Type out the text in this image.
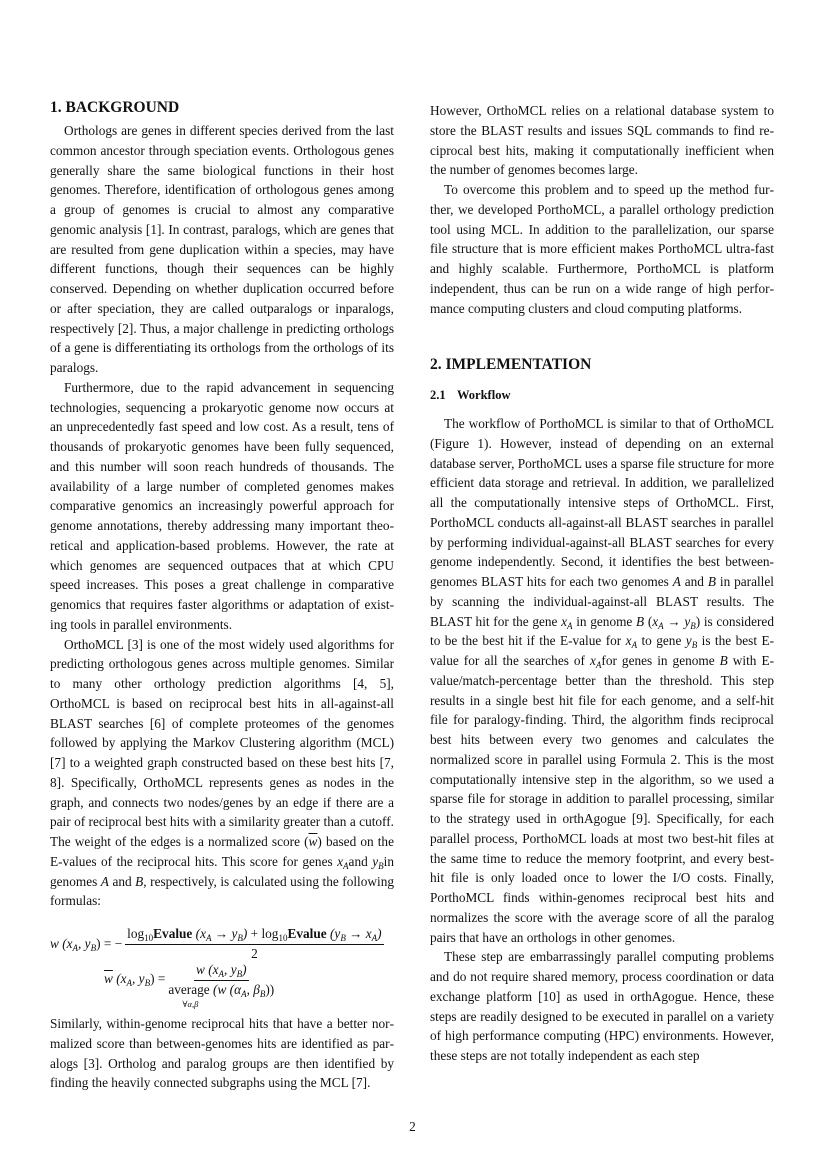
1. BACKGROUND

Orthologs are genes in different species derived from the last common ancestor through speciation events. Orthologous genes generally share the same biological functions in their host genomes. Therefore, identification of orthologous genes among a group of genomes is crucial to almost any comparative genomic analysis [1]. In contrast, paralogs, which are genes that are resulted from gene duplication within a species, may have different functions, though their sequences can be highly conserved. Depending on whether duplication occurred before or after speciation, they are called outparalogs or inparalogs, respectively [2]. Thus, a major challenge in predicting orthologs of a gene is differentiating its orthologs from the orthologs of its paralogs.

Furthermore, due to the rapid advancement in sequencing technologies, sequencing a prokaryotic genome now occurs at an unprecedentedly fast speed and low cost. As a result, tens of thousands of prokaryotic genomes have been fully sequenced, and this number will soon reach hundreds of thousands. The availability of a large number of completed genomes makes comparative genomics an increasingly powerful approach for genome annotations, thereby addressing many important theoretical and application-based problems. However, the rate at which genomes are sequenced outpaces that at which CPU speed increases. This poses a great challenge in comparative genomics that requires faster algorithms or adaptation of existing tools in parallel environments.

OrthoMCL [3] is one of the most widely used algorithms for predicting orthologous genes across multiple genomes. Similar to many other orthology prediction algorithms [4, 5], OrthoMCL is based on reciprocal best hits in all-against-all BLAST searches [6] of complete proteomes of the genomes followed by applying the Markov Clustering algorithm (MCL) [7] to a weighted graph constructed based on these best hits [7, 8]. Specifically, OrthoMCL represents genes as nodes in the graph, and connects two nodes/genes by an edge if there are a pair of reciprocal best hits with a similarity greater than a cutoff. The weight of the edges is a normalized score $(\overline{w})$ based on the E-values of the reciprocal hits. This score for genes $x_Aand$ $y_Bin$ genomes A and B, respectively, is calculated using the following formulas:

w ($x_A$, $y_B$) = − $\frac{\log_{10}Evalue (x_A \to y_B) + \log_{10}Evalue (y_B \to x_A)}{2}$
$\overline{w}$ ($x_A$, $y_B$) =
w ($x_A$, $y_B$)
average (w ($\alpha_A$, $\beta_B$))
∀α,β

Similarly, within-genome reciprocal hits that have a better normalized score than between-genomes hits are identified as paralogs [3]. Ortholog and paralog groups are then identified by finding the heavily connected subgraphs using the MCL [7].

However, OrthoMCL relies on a relational database system to store the BLAST results and issues SQL commands to find reciprocal best hits, making it computationally inefficient when the number of genomes becomes large.

To overcome this problem and to speed up the method further, we developed PorthoMCL, a parallel orthology prediction tool using MCL. In addition to the parallelization, our sparse file structure that is more efficient makes PorthoMCL ultra-fast and highly scalable. Furthermore, PorthoMCL is platform independent, thus can be run on a wide range of high performance computing clusters and cloud computing platforms.

2. IMPLEMENTATION
2.1 Workflow

The workflow of PorthoMCL is similar to that of OrthoMCL (Figure 1). However, instead of depending on an external database server, PorthoMCL uses a sparse file structure for more efficient data storage and retrieval. In addition, we parallelized all the computationally intensive steps of OrthoMCL. First, PorthoMCL conducts all-against-all BLAST searches in parallel by performing individual-against-all BLAST searches for every genome independently. Second, it identifies the best between-genomes BLAST hits for each two genomes A and B in parallel by scanning the individual-against-all BLAST results. The BLAST hit for the gene $x_A$ in genome B $(x_A \to y_B)$ is considered to be the best hit if the E-value for $x_A$ to gene $y_B$ is the best E-value for all the searches of $x_Afor$ genes in genome B with E-value/match-percentage better than the threshold. This step results in a single best hit file for each genome, and a self-hit file for paralogy-finding. Third, the algorithm finds reciprocal best hits between every two genomes and calculates the normalized score in parallel using Formula 2. This is the most computationally intensive step in the algorithm, so we used a sparse file for storage in addition to parallel processing, similar to the strategy used in orthAgogue [9]. Specifically, for each parallel process, PorthoMCL loads at most two best-hit files at the same time to reduce the memory footprint, and every best-hit file is only loaded once to lower the I/O costs. Finally, PorthoMCL finds within-genomes reciprocal best hits and normalizes the score with the average score of all the paralog pairs that have an orthologs in other genomes.

These step are embarrassingly parallel computing problems and do not require shared memory, process coordination or data exchange platform [10] as used in orthAgogue. Hence, these steps are readily designed to be executed in parallel on a variety of high performance computing (HPC) environments. However, these steps are not totally independent as each step

2
